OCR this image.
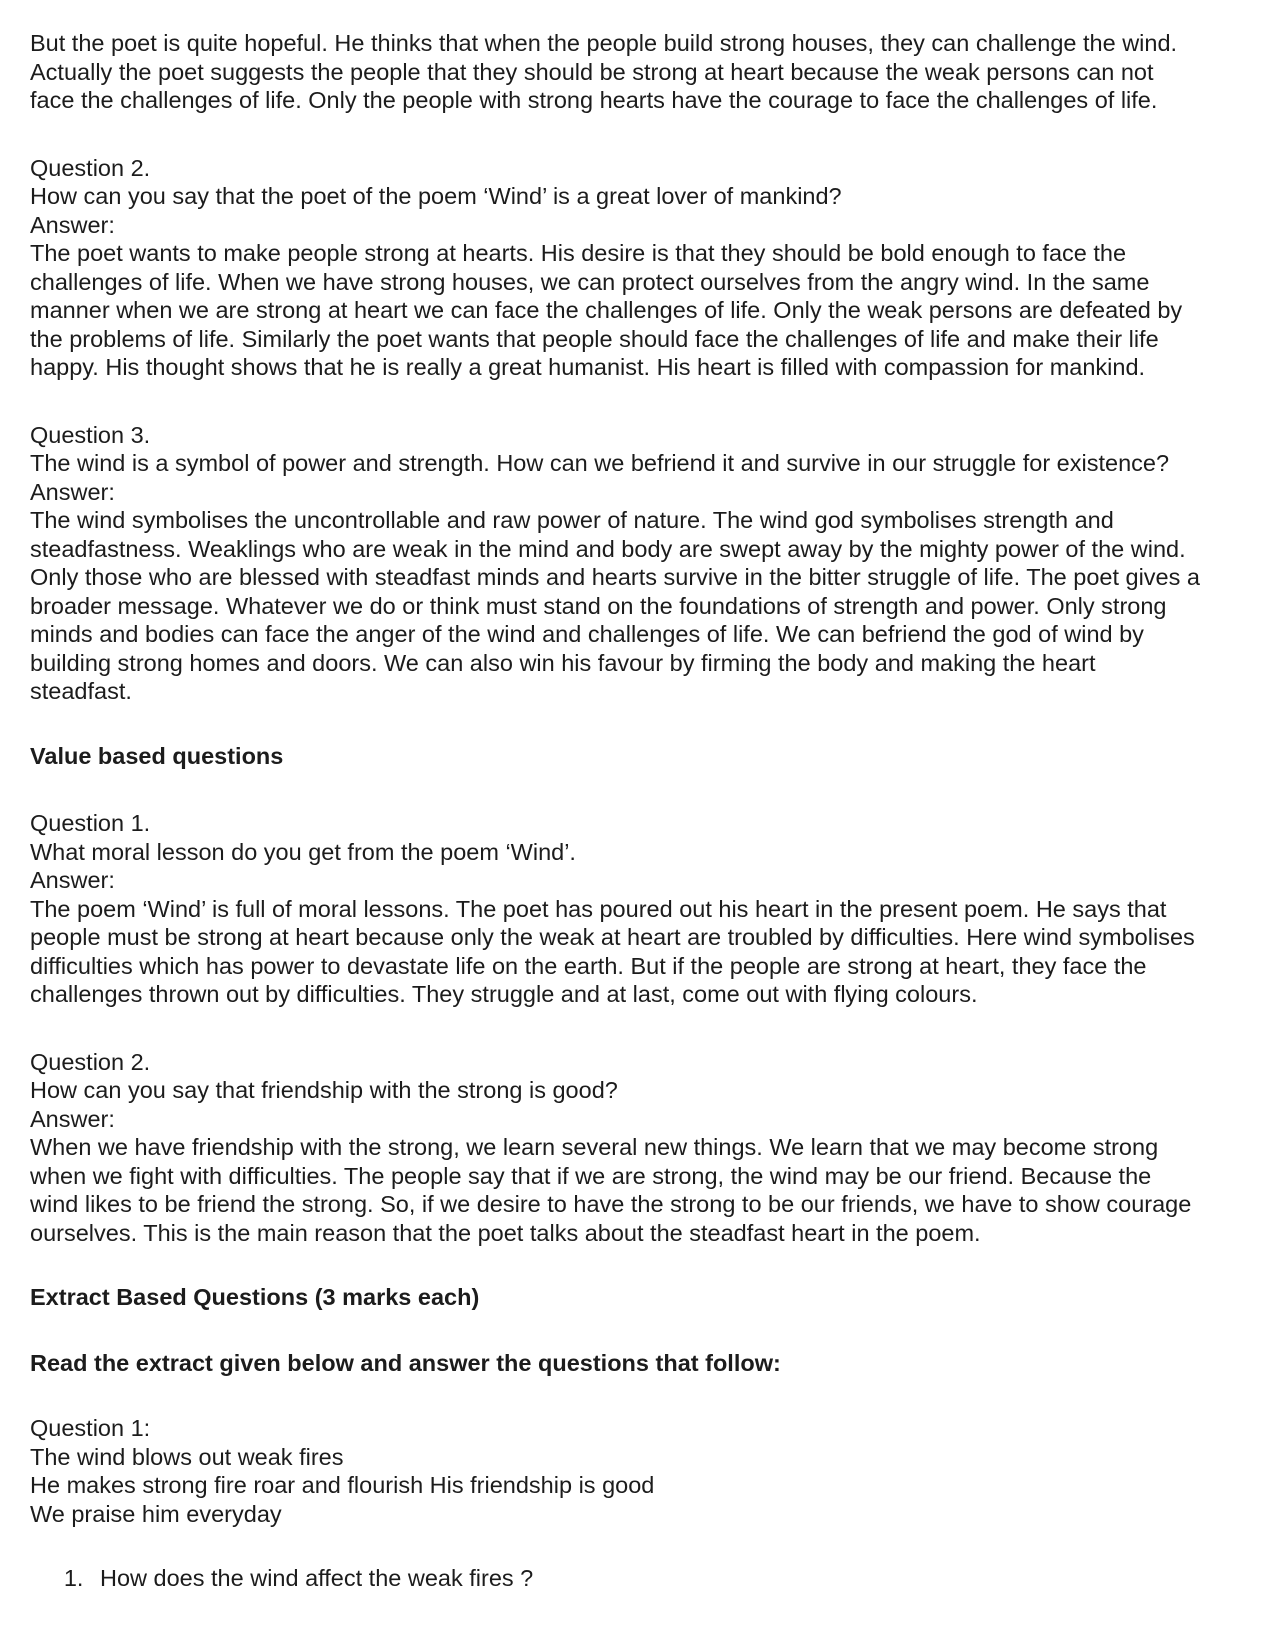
But the poet is quite hopeful. He thinks that when the people build strong houses, they can challenge the wind.
Actually the poet suggests the people that they should be strong at heart because the weak persons can not
face the challenges of life. Only the people with strong hearts have the courage to face the challenges of life.

Question 2.

How can you say that the poet of the poem ‘Wind’ is a great lover of mankind?

Answer:

The poet wants to make people strong at hearts. His desire is that they should be bold enough to face the
challenges of life. When we have strong houses, we can protect ourselves from the angry wind. In the same
manner when we are strong at heart we can face the challenges of life. Only the weak persons are defeated by
the problems of life. Similarly the poet wants that people should face the challenges of life and make their life
happy. His thought shows that he is really a great humanist. His heart is filled with compassion for mankind.

Question 3.

The wind is a symbol of power and strength. How can we befriend it and survive in our struggle for existence?

Answer:

The wind symbolises the uncontrollable and raw power of nature. The wind god symbolises strength and
steadfastness. Weaklings who are weak in the mind and body are swept away by the mighty power of the wind.
Only those who are blessed with steadfast minds and hearts survive in the bitter struggle of life. The poet gives a
broader message. Whatever we do or think must stand on the foundations of strength and power. Only strong
minds and bodies can face the anger of the wind and challenges of life. We can befriend the god of wind by
building strong homes and doors. We can also win his favour by firming the body and making the heart
steadfast.

Value based questions

Question 1.

What moral lesson do you get from the poem ‘Wind’.

Answer:

The poem ‘Wind’ is full of moral lessons. The poet has poured out his heart in the present poem. He says that
people must be strong at heart because only the weak at heart are troubled by difficulties. Here wind symbolises
difficulties which has power to devastate life on the earth. But if the people are strong at heart, they face the
challenges thrown out by difficulties. They struggle and at last, come out with flying colours.

Question 2.

How can you say that friendship with the strong is good?

Answer:

When we have friendship with the strong, we learn several new things. We learn that we may become strong
when we fight with difficulties. The people say that if we are strong, the wind may be our friend. Because the
wind likes to be friend the strong. So, if we desire to have the strong to be our friends, we have to show courage
ourselves. This is the main reason that the poet talks about the steadfast heart in the poem.

Extract Based Questions (3 marks each)

Read the extract given below and answer the questions that follow:

Question 1:

The wind blows out weak fires

He makes strong fire roar and flourish His friendship is good

We praise him everyday

1. How does the wind affect the weak fires ?
